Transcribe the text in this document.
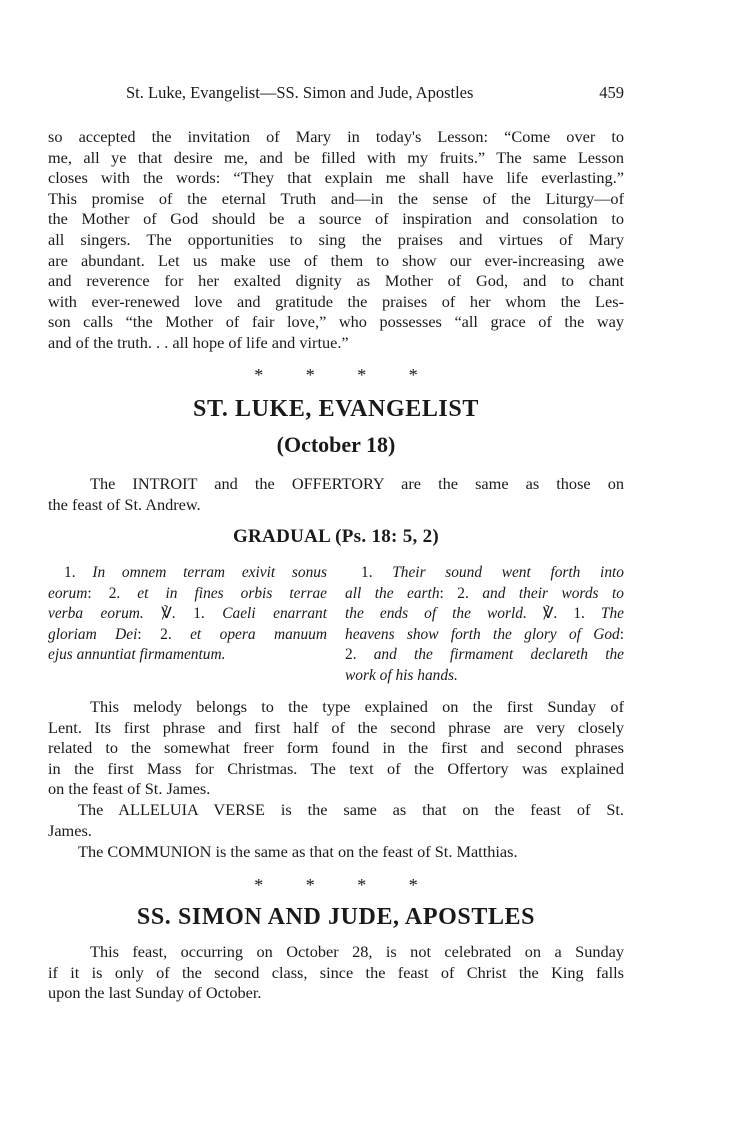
St. Luke, Evangelist—SS. Simon and Jude, Apostles	459
so accepted the invitation of Mary in today's Lesson: “Come over to
me, all ye that desire me, and be filled with my fruits.” The same Lesson
closes with the words: “They that explain me shall have life everlasting.”
This promise of the eternal Truth and—in the sense of the Liturgy—of
the Mother of God should be a source of inspiration and consolation to
all singers. The opportunities to sing the praises and virtues of Mary
are abundant. Let us make use of them to show our ever-increasing awe
and reverence for her exalted dignity as Mother of God, and to chant
with ever-renewed love and gratitude the praises of her whom the Les-
son calls “the Mother of fair love,” who possesses “all grace of the way
and of the truth. . . all hope of life and virtue.”
* * * *
ST. LUKE, EVANGELIST
(October 18)
The INTROIT and the OFFERTORY are the same as those on
the feast of St. Andrew.
GRADUAL (Ps. 18: 5, 2)
1. In omnem terram exivit sonus
eorum: 2. et in fines orbis terrae
verba eorum. ℣. 1. Caeli enarrant
gloriam Dei: 2. et opera manuum
ejus annuntiat firmamentum.
1. Their sound went forth into
all the earth: 2. and their words to
the ends of the world. ℣. 1. The
heavens show forth the glory of God:
2. and the firmament declareth the
work of his hands.
This melody belongs to the type explained on the first Sunday of
Lent. Its first phrase and first half of the second phrase are very closely
related to the somewhat freer form found in the first and second phrases
in the first Mass for Christmas. The text of the Offertory was explained
on the feast of St. James.
The ALLELUIA VERSE is the same as that on the feast of St.
James.
The COMMUNION is the same as that on the feast of St. Matthias.
* * * *
SS. SIMON AND JUDE, APOSTLES
This feast, occurring on October 28, is not celebrated on a Sunday
if it is only of the second class, since the feast of Christ the King falls
upon the last Sunday of October.
